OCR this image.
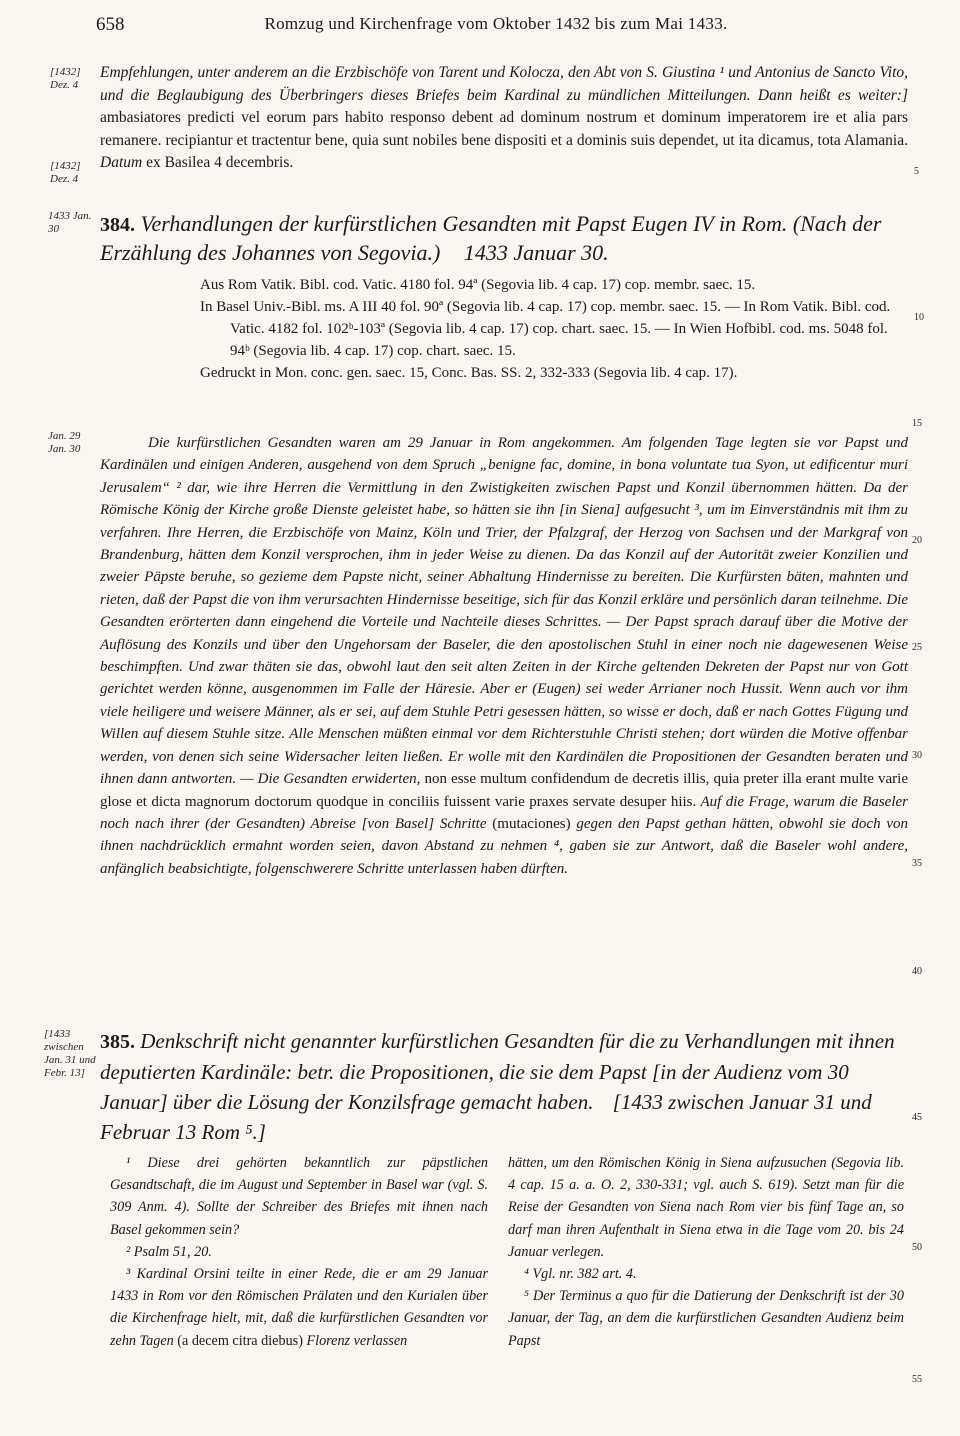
658	Romzug und Kirchenfrage vom Oktober 1432 bis zum Mai 1433.
[1432] Dez. 4
[1432] Dez. 4
Empfehlungen, unter anderem an die Erzbischöfe von Tarent und Kolocza, den Abt von S. Giustina ¹ und Antonius de Sancto Vito, und die Beglaubigung des Überbringers dieses Briefes beim Kardinal zu mündlichen Mitteilungen. Dann heißt es weiter:] ambasiatores predicti vel eorum pars habito responso debent ad dominum nostrum et dominum imperatorem ire et alia pars remanere. recipiantur et tractentur bene, quia sunt nobiles bene dispositi et a dominis suis dependet, ut ita dicamus, tota Alamania. Datum ex Basilea 4 decembris.
1433 Jan. 30	384. Verhandlungen der kurfürstlichen Gesandten mit Papst Eugen IV in Rom. (Nach der Erzählung des Johannes von Segovia.) 1433 Januar 30.

Aus Rom Vatik. Bibl. cod. Vatic. 4180 fol. 94ª (Segovia lib. 4 cap. 17) cop. membr. saec. 15.

In Basel Univ.-Bibl. ms. A III 40 fol. 90ª (Segovia lib. 4 cap. 17) cop. membr. saec. 15. — In Rom Vatik. Bibl. cod. Vatic. 4182 fol. 102ᵇ-103ª (Segovia lib. 4 cap. 17) cop. chart. saec. 15. — In Wien Hofbibl. cod. ms. 5048 fol. 94ᵇ (Segovia lib. 4 cap. 17) cop. chart. saec. 15.

Gedruckt in Mon. conc. gen. saec. 15, Conc. Bas. SS. 2, 332-333 (Segovia lib. 4 cap. 17).

Jan. 29 Jan. 30	Die kurfürstlichen Gesandten waren am 29 Januar in Rom angekommen. Am folgenden Tage legten sie vor Papst und Kardinälen und einigen Anderen, ausgehend von dem Spruch „benigne fac, domine, in bona voluntate tua Syon, ut edificentur muri Jerusalem“ ² dar, wie ihre Herren die Vermittlung in den Zwistigkeiten zwischen Papst und Konzil übernommen hätten. Da der Römische König der Kirche große Dienste geleistet habe, so hätten sie ihn [in Siena] aufgesucht ³, um im Einverständnis mit ihm zu verfahren. Ihre Herren, die Erzbischöfe von Mainz, Köln und Trier, der Pfalzgraf, der Herzog von Sachsen und der Markgraf von Brandenburg, hätten dem Konzil versprochen, ihm in jeder Weise zu dienen. Da das Konzil auf der Autorität zweier Konzilien und zweier Päpste beruhe, so gezieme dem Papste nicht, seiner Abhaltung Hindernisse zu bereiten. Die Kurfürsten bäten, mahnten und rieten, daß der Papst die von ihm verursachten Hindernisse beseitige, sich für das Konzil erkläre und persönlich daran teilnehme. Die Gesandten erörterten dann eingehend die Vorteile und Nachteile dieses Schrittes. — Der Papst sprach darauf über die Motive der Auflösung des Konzils und über den Ungehorsam der Baseler, die den apostolischen Stuhl in einer noch nie dagewesenen Weise beschimpften. Und zwar thäten sie das, obwohl laut den seit alten Zeiten in der Kirche geltenden Dekreten der Papst nur von Gott gerichtet werden könne, ausgenommen im Falle der Häresie. Aber er (Eugen) sei weder Arrianer noch Hussit. Wenn auch vor ihm viele heiligere und weisere Männer, als er sei, auf dem Stuhle Petri gesessen hätten, so wisse er doch, daß er nach Gottes Fügung und Willen auf diesem Stuhle sitze. Alle Menschen müßten einmal vor dem Richterstuhle Christi stehen; dort würden die Motive offenbar werden, von denen sich seine Widersacher leiten ließen. Er wolle mit den Kardinälen die Propositionen der Gesandten beraten und ihnen dann antworten. — Die Gesandten erwiderten, non esse multum confidendum de decretis illis, quia preter illa erant multe varie glose et dicta magnorum doctorum quodque in conciliis fuissent varie praxes servate desuper hiis. Auf die Frage, warum die Baseler noch nach ihrer (der Gesandten) Abreise [von Basel] Schritte (mutaciones) gegen den Papst gethan hätten, obwohl sie doch von ihnen nachdrücklich ermahnt worden seien, davon Abstand zu nehmen ⁴, gaben sie zur Antwort, daß die Baseler wohl andere, anfänglich beabsichtigte, folgenschwerere Schritte unterlassen haben dürften.

[1433 zwischen Jan. 31 und Febr. 13]
385. Denkschrift nicht genannter kurfürstlichen Gesandten für die zu Verhandlungen mit ihnen deputierten Kardinäle: betr. die Propositionen, die sie dem Papst [in der Audienz vom 30 Januar] über die Lösung der Konzilsfrage gemacht haben. [1433 zwischen Januar 31 und Februar 13 Rom ⁵.]

¹ Diese drei gehörten bekanntlich zur päpstlichen Gesandtschaft, die im August und September in Basel war (vgl. S. 309 Anm. 4). Sollte der Schreiber des Briefes mit ihnen nach Basel gekommen sein?

² Psalm 51, 20.

³ Kardinal Orsini teilte in einer Rede, die er am 29 Januar 1433 in Rom vor den Römischen Prälaten und den Kurialen über die Kirchenfrage hielt, mit, daß die kurfürstlichen Gesandten vor zehn Tagen (a decem citra diebus) Florenz verlassen

hätten, um den Römischen König in Siena aufzusuchen (Segovia lib. 4 cap. 15 a. a. O. 2, 330-331; vgl. auch S. 619). Setzt man für die Reise der Gesandten von Siena nach Rom vier bis fünf Tage an, so darf man ihren Aufenthalt in Siena etwa in die Tage vom 20. bis 24 Januar verlegen.

⁴ Vgl. nr. 382 art. 4.

⁵ Der Terminus a quo für die Datierung der Denkschrift ist der 30 Januar, der Tag, an dem die kurfürstlichen Gesandten Audienz beim Papst

5
10
15
20
25
30
35
40
45
50
55
